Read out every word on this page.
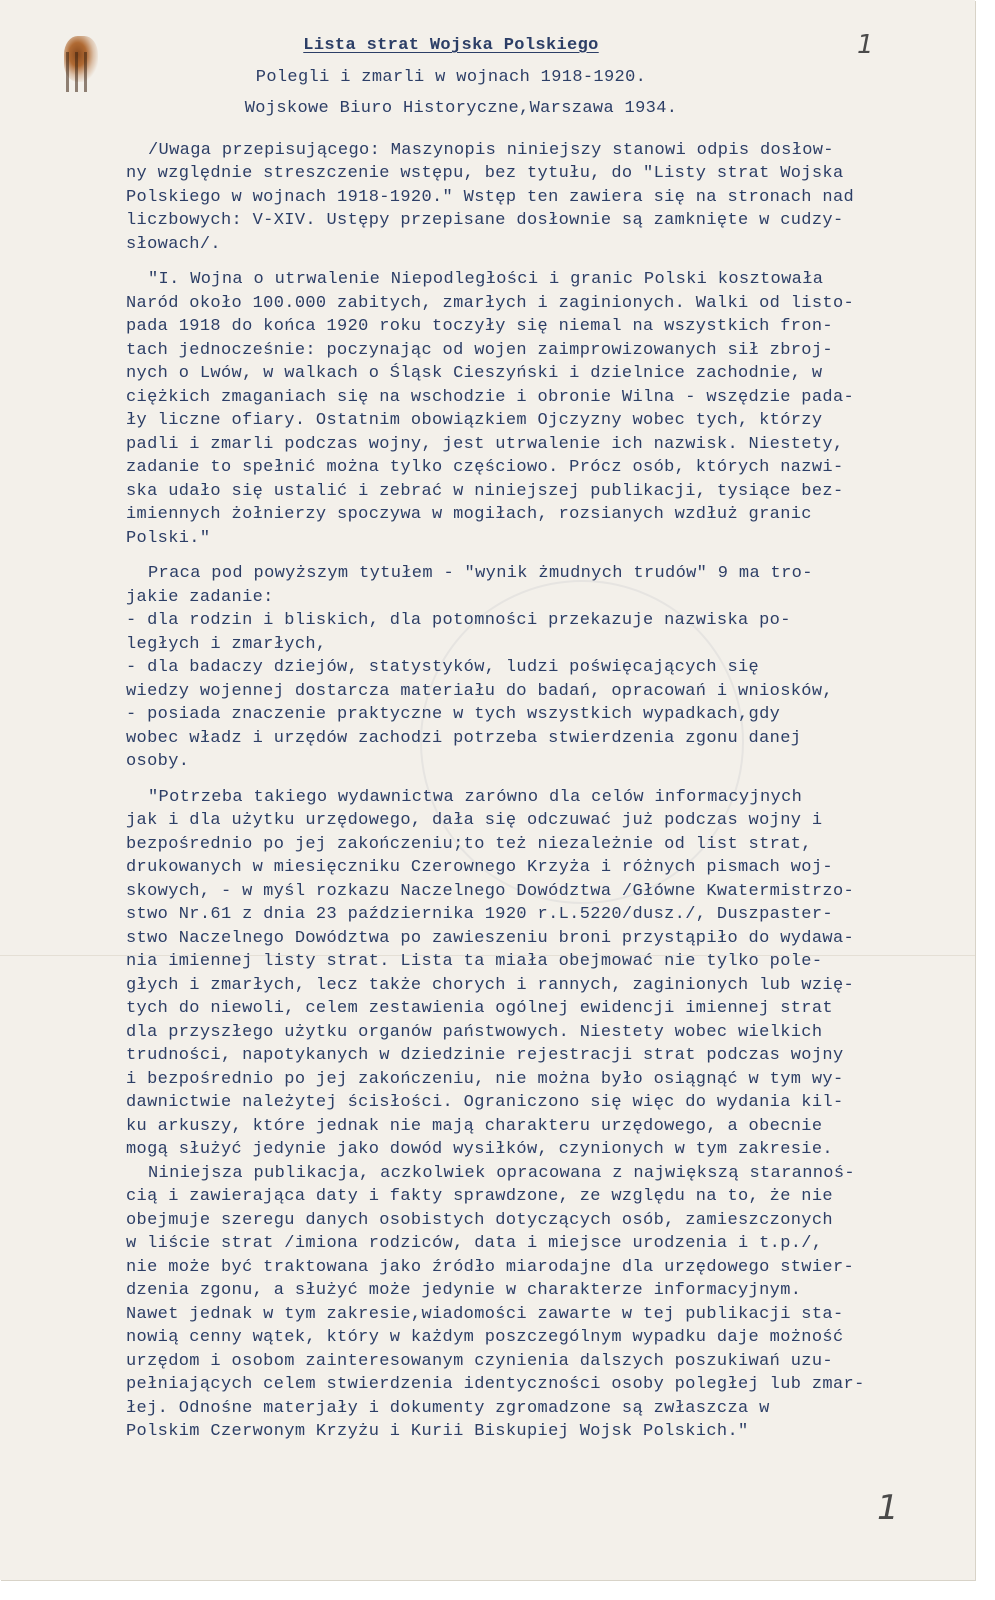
1
Lista strat Wojska Polskiego
Polegli i zmarli w wojnach 1918-1920.
Wojskowe Biuro Historyczne,Warszawa 1934.

/Uwaga przepisującego: Maszynopis niniejszy stanowi odpis dosłow-
ny względnie streszczenie wstępu, bez tytułu, do "Listy strat Wojska
Polskiego w wojnach 1918-1920." Wstęp ten zawiera się na stronach nad
liczbowych: V-XIV. Ustępy przepisane dosłownie są zamknięte w cudzy-
słowach/.

"I. Wojna o utrwalenie Niepodległości i granic Polski kosztowała
Naród około 100.000 zabitych, zmarłych i zaginionych. Walki od listo-
pada 1918 do końca 1920 roku toczyły się niemal na wszystkich fron-
tach jednocześnie: poczynając od wojen zaimprowizowanych sił zbroj-
nych o Lwów, w walkach o Śląsk Cieszyński i dzielnice zachodnie, w
ciężkich zmaganiach się na wschodzie i obronie Wilna - wszędzie pada-
ły liczne ofiary. Ostatnim obowiązkiem Ojczyzny wobec tych, którzy
padli i zmarli podczas wojny, jest utrwalenie ich nazwisk. Niestety,
zadanie to spełnić można tylko częściowo. Prócz osób, których nazwi-
ska udało się ustalić i zebrać w niniejszej publikacji, tysiące bez-
imiennych żołnierzy spoczywa w mogiłach, rozsianych wzdłuż granic
Polski."

Praca pod powyższym tytułem - "wynik żmudnych trudów" 9 ma tro-
jakie zadanie:
- dla rodzin i bliskich, dla potomności przekazuje nazwiska po-
ległych i zmarłych,
- dla badaczy dziejów, statystyków, ludzi poświęcających się
wiedzy wojennej dostarcza materiału do badań, opracowań i wniosków,
- posiada znaczenie praktyczne w tych wszystkich wypadkach,gdy
wobec władz i urzędów zachodzi potrzeba stwierdzenia zgonu danej
osoby.

"Potrzeba takiego wydawnictwa zarówno dla celów informacyjnych
jak i dla użytku urzędowego, dała się odczuwać już podczas wojny i
bezpośrednio po jej zakończeniu;to też niezależnie od list strat,
drukowanych w miesięczniku Czerownego Krzyża i różnych pismach woj-
skowych, - w myśl rozkazu Naczelnego Dowództwa /Główne Kwatermistrzo-
stwo Nr.61 z dnia 23 października 1920 r.L.5220/dusz./, Duszpaster-
stwo Naczelnego Dowództwa po zawieszeniu broni przystąpiło do wydawa-
nia imiennej listy strat. Lista ta miała obejmować nie tylko pole-
głych i zmarłych, lecz także chorych i rannych, zaginionych lub wzię-
tych do niewoli, celem zestawienia ogólnej ewidencji imiennej strat
dla przyszłego użytku organów państwowych. Niestety wobec wielkich
trudności, napotykanych w dziedzinie rejestracji strat podczas wojny
i bezpośrednio po jej zakończeniu, nie można było osiągnąć w tym wy-
dawnictwie należytej ścisłości. Ograniczono się więc do wydania kil-
ku arkuszy, które jednak nie mają charakteru urzędowego, a obecnie
mogą służyć jedynie jako dowód wysiłków, czynionych w tym zakresie.

Niniejsza publikacja, aczkolwiek opracowana z największą starannoś-
cią i zawierająca daty i fakty sprawdzone, ze względu na to, że nie
obejmuje szeregu danych osobistych dotyczących osób, zamieszczonych
w liście strat /imiona rodziców, data i miejsce urodzenia i t.p./,
nie może być traktowana jako źródło miarodajne dla urzędowego stwier-
dzenia zgonu, a służyć może jedynie w charakterze informacyjnym.
Nawet jednak w tym zakresie,wiadomości zawarte w tej publikacji sta-
nowią cenny wątek, który w każdym poszczególnym wypadku daje możność
urzędom i osobom zainteresowanym czynienia dalszych poszukiwań uzu-
pełniających celem stwierdzenia identyczności osoby poległej lub zmar-
łej. Odnośne materjały i dokumenty zgromadzone są zwłaszcza w
Polskim Czerwonym Krzyżu i Kurii Biskupiej Wojsk Polskich."

1
